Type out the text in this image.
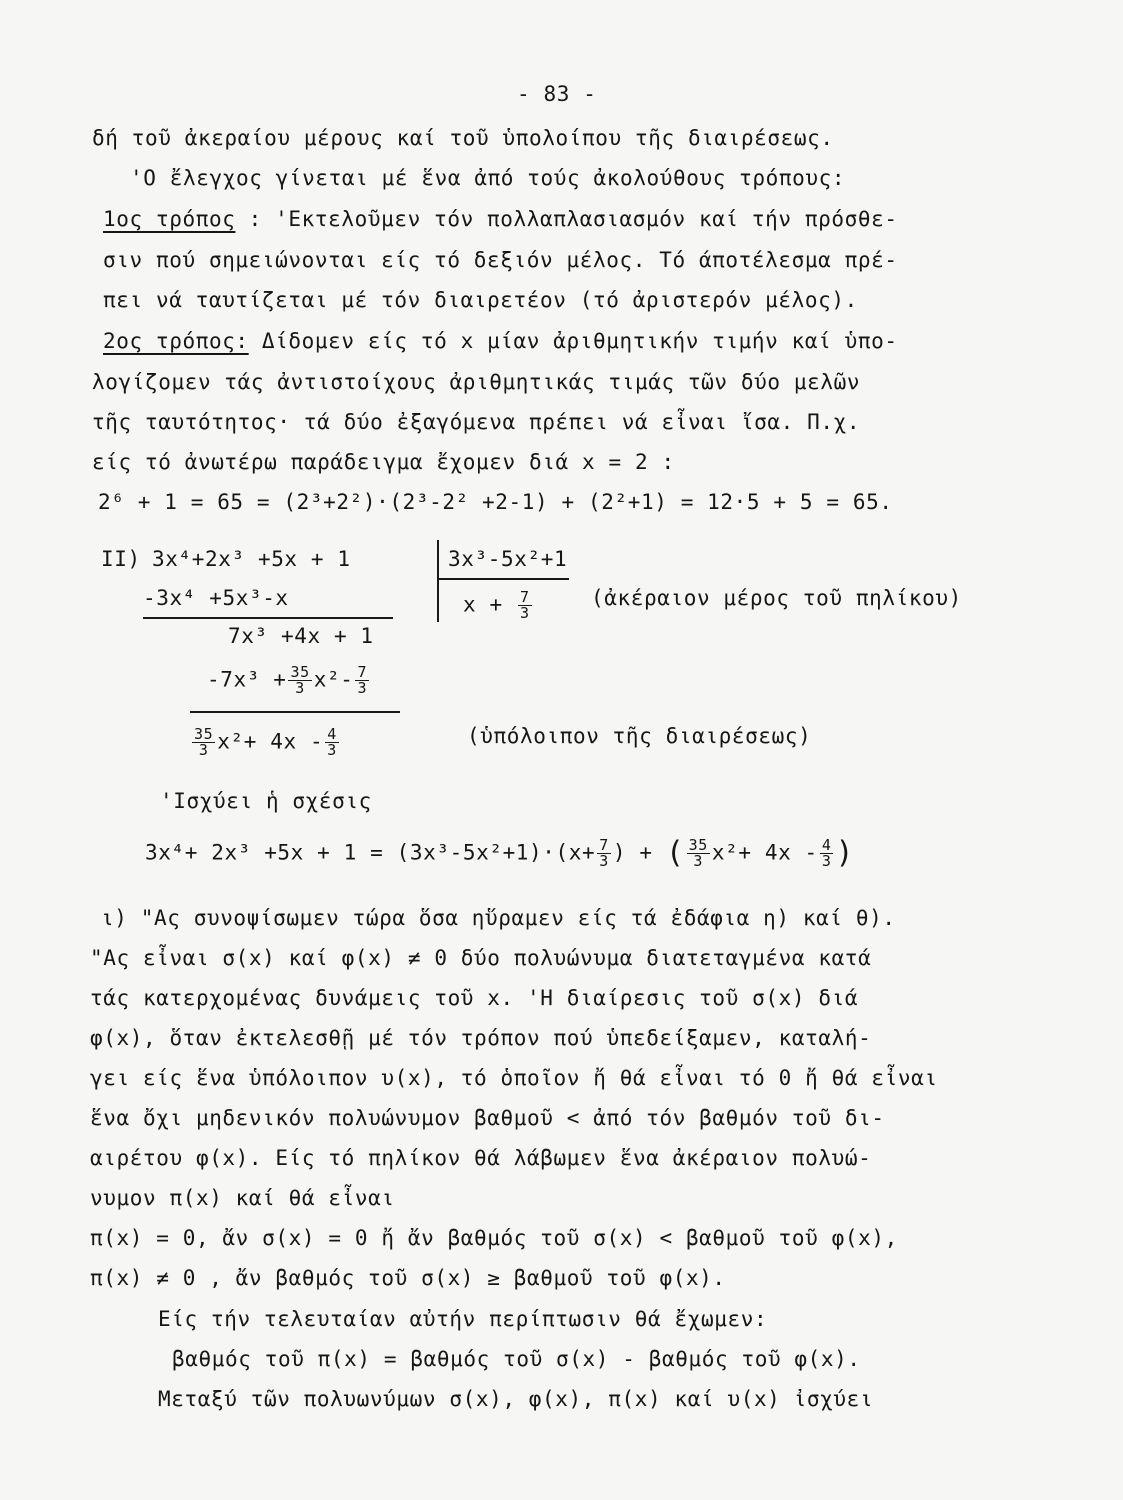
- 83 -
δή τοῦ ἀκεραίου μέρους καί τοῦ ὑπολοίπου τῆς διαιρέσεως.
'Ο ἔλεγχος γίνεται μέ ἕνα ἀπό τούς ἀκολούθους τρόπους:
1ος τρόπος : 'Εκτελοῦμεν τόν πολλαπλασιασμόν καί τήν πρόσθε-
σιν πού σημειώνονται είς τό δεξιόν μέλος. Τό άποτέλεσμα πρέ-
πει νά ταυτίζεται μέ τόν διαιρετέον (τό ἀριστερόν μέλος).
2ος τρόπος: Δίδομεν είς τό x μίαν ἀριθμητικήν τιμήν καί ὑπο-
λογίζομεν τάς ἀντιστοίχους ἀριθμητικάς τιμάς τῶν δύο μελῶν
τῆς ταυτότητος· τά δύο ἐξαγόμενα πρέπει νά εἶναι ἴσα. Π.χ.
είς τό ἀνωτέρω παράδειγμα ἔχομεν διά x = 2 :
2⁶ + 1 = 65 = (2³+2²)·(2³-2² +2-1) + (2²+1) = 12·5 + 5 = 65.
II) 3x⁴+2x³ +5x + 1	3x³-5x²+1
-3x⁴ +5x³-x	$x + \frac{7}{3}$	(ἀκέραιον μέρος τοῦ πηλίκου)
7x³ +4x + 1
$-7x^3 + \frac{35}{3} x^2- \frac{7}{3}$
$\frac{35}{3} x^2+ 4x - \frac{4}{3}$	(ὑπόλοιπον τῆς διαιρέσεως)
'Ισχύει ἡ σχέσις
$3x^4+ 2x^3 +5x + 1 = (3x^3-5x^2+1)\cdot(x+ \frac{7}{3}$ ) + ( $\frac{35}{3} x^2+ 4x - \frac{4}{3}$ )
ι) "Ας συνοψίσωμεν τώρα ὅσα ηὕραμεν είς τά ἐδάφια η) καί θ).
"Ας εἶναι σ(x) καί φ(x) ≠ 0 δύο πολυώνυμα διατεταγμένα κατά
τάς κατερχομένας δυνάμεις τοῦ x. 'Η διαίρεσις τοῦ σ(x) διά
φ(x), ὅταν ἐκτελεσθῇ μέ τόν τρόπον πού ὑπεδείξαμεν, καταλή-
γει είς ἕνα ὑπόλοιπον υ(x), τό ὁποῖον ἤ θά εἶναι τό 0 ἤ θά εἶναι
ἕνα ὄχι μηδενικόν πολυώνυμον βαθμοῦ < ἀπό τόν βαθμόν τοῦ δι-
αιρέτου φ(x). Είς τό πηλίκον θά λάβωμεν ἕνα ἀκέραιον πολυώ-
νυμον π(x) καί θά εἶναι
π(x) = 0, ἄν σ(x) = 0 ἤ ἄν βαθμός τοῦ σ(x) < βαθμοῦ τοῦ φ(x),
π(x) ≠ 0 , ἄν βαθμός τοῦ σ(x) ≥ βαθμοῦ τοῦ φ(x).
Είς τήν τελευταίαν αὐτήν περίπτωσιν θά ἔχωμεν:
βαθμός τοῦ π(x) = βαθμός τοῦ σ(x) - βαθμός τοῦ φ(x).
Μεταξύ τῶν πολυωνύμων σ(x), φ(x), π(x) καί υ(x) ἰσχύει
